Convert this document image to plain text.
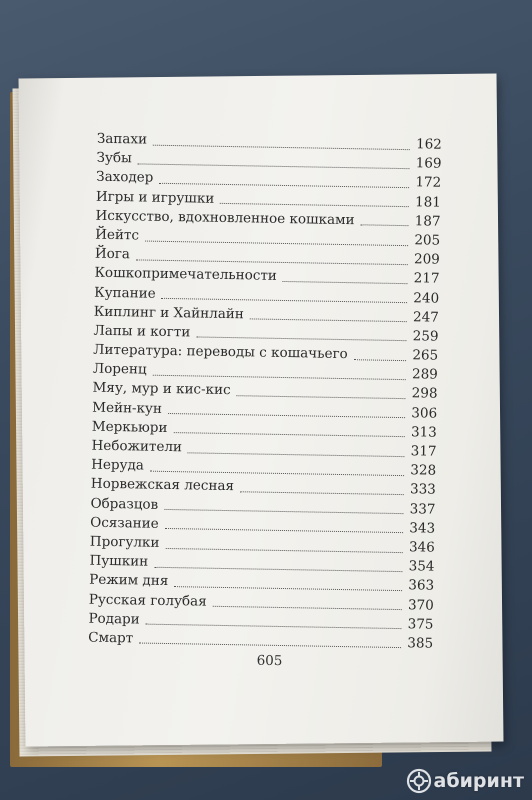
Запахи	162
Зубы	169
Заходер	172
Игры и игрушки	181
Искусство, вдохновленное кошками	187
Йейтс	205
Йога	209
Кошкопримечательности	217
Купание	240
Киплинг и Хайнлайн	247
Лапы и когти	259
Литература: переводы с кошачьего	265
Лоренц	289
Мяу, мур и кис-кис	298
Мейн-кун	306
Меркьюри	313
Небожители	317
Неруда	328
Норвежская лесная	333
Образцов	337
Осязание	343
Прогулки	346
Пушкин	354
Режим дня	363
Русская голубая	370
Родари	375
Смарт	385
605
абиринт
